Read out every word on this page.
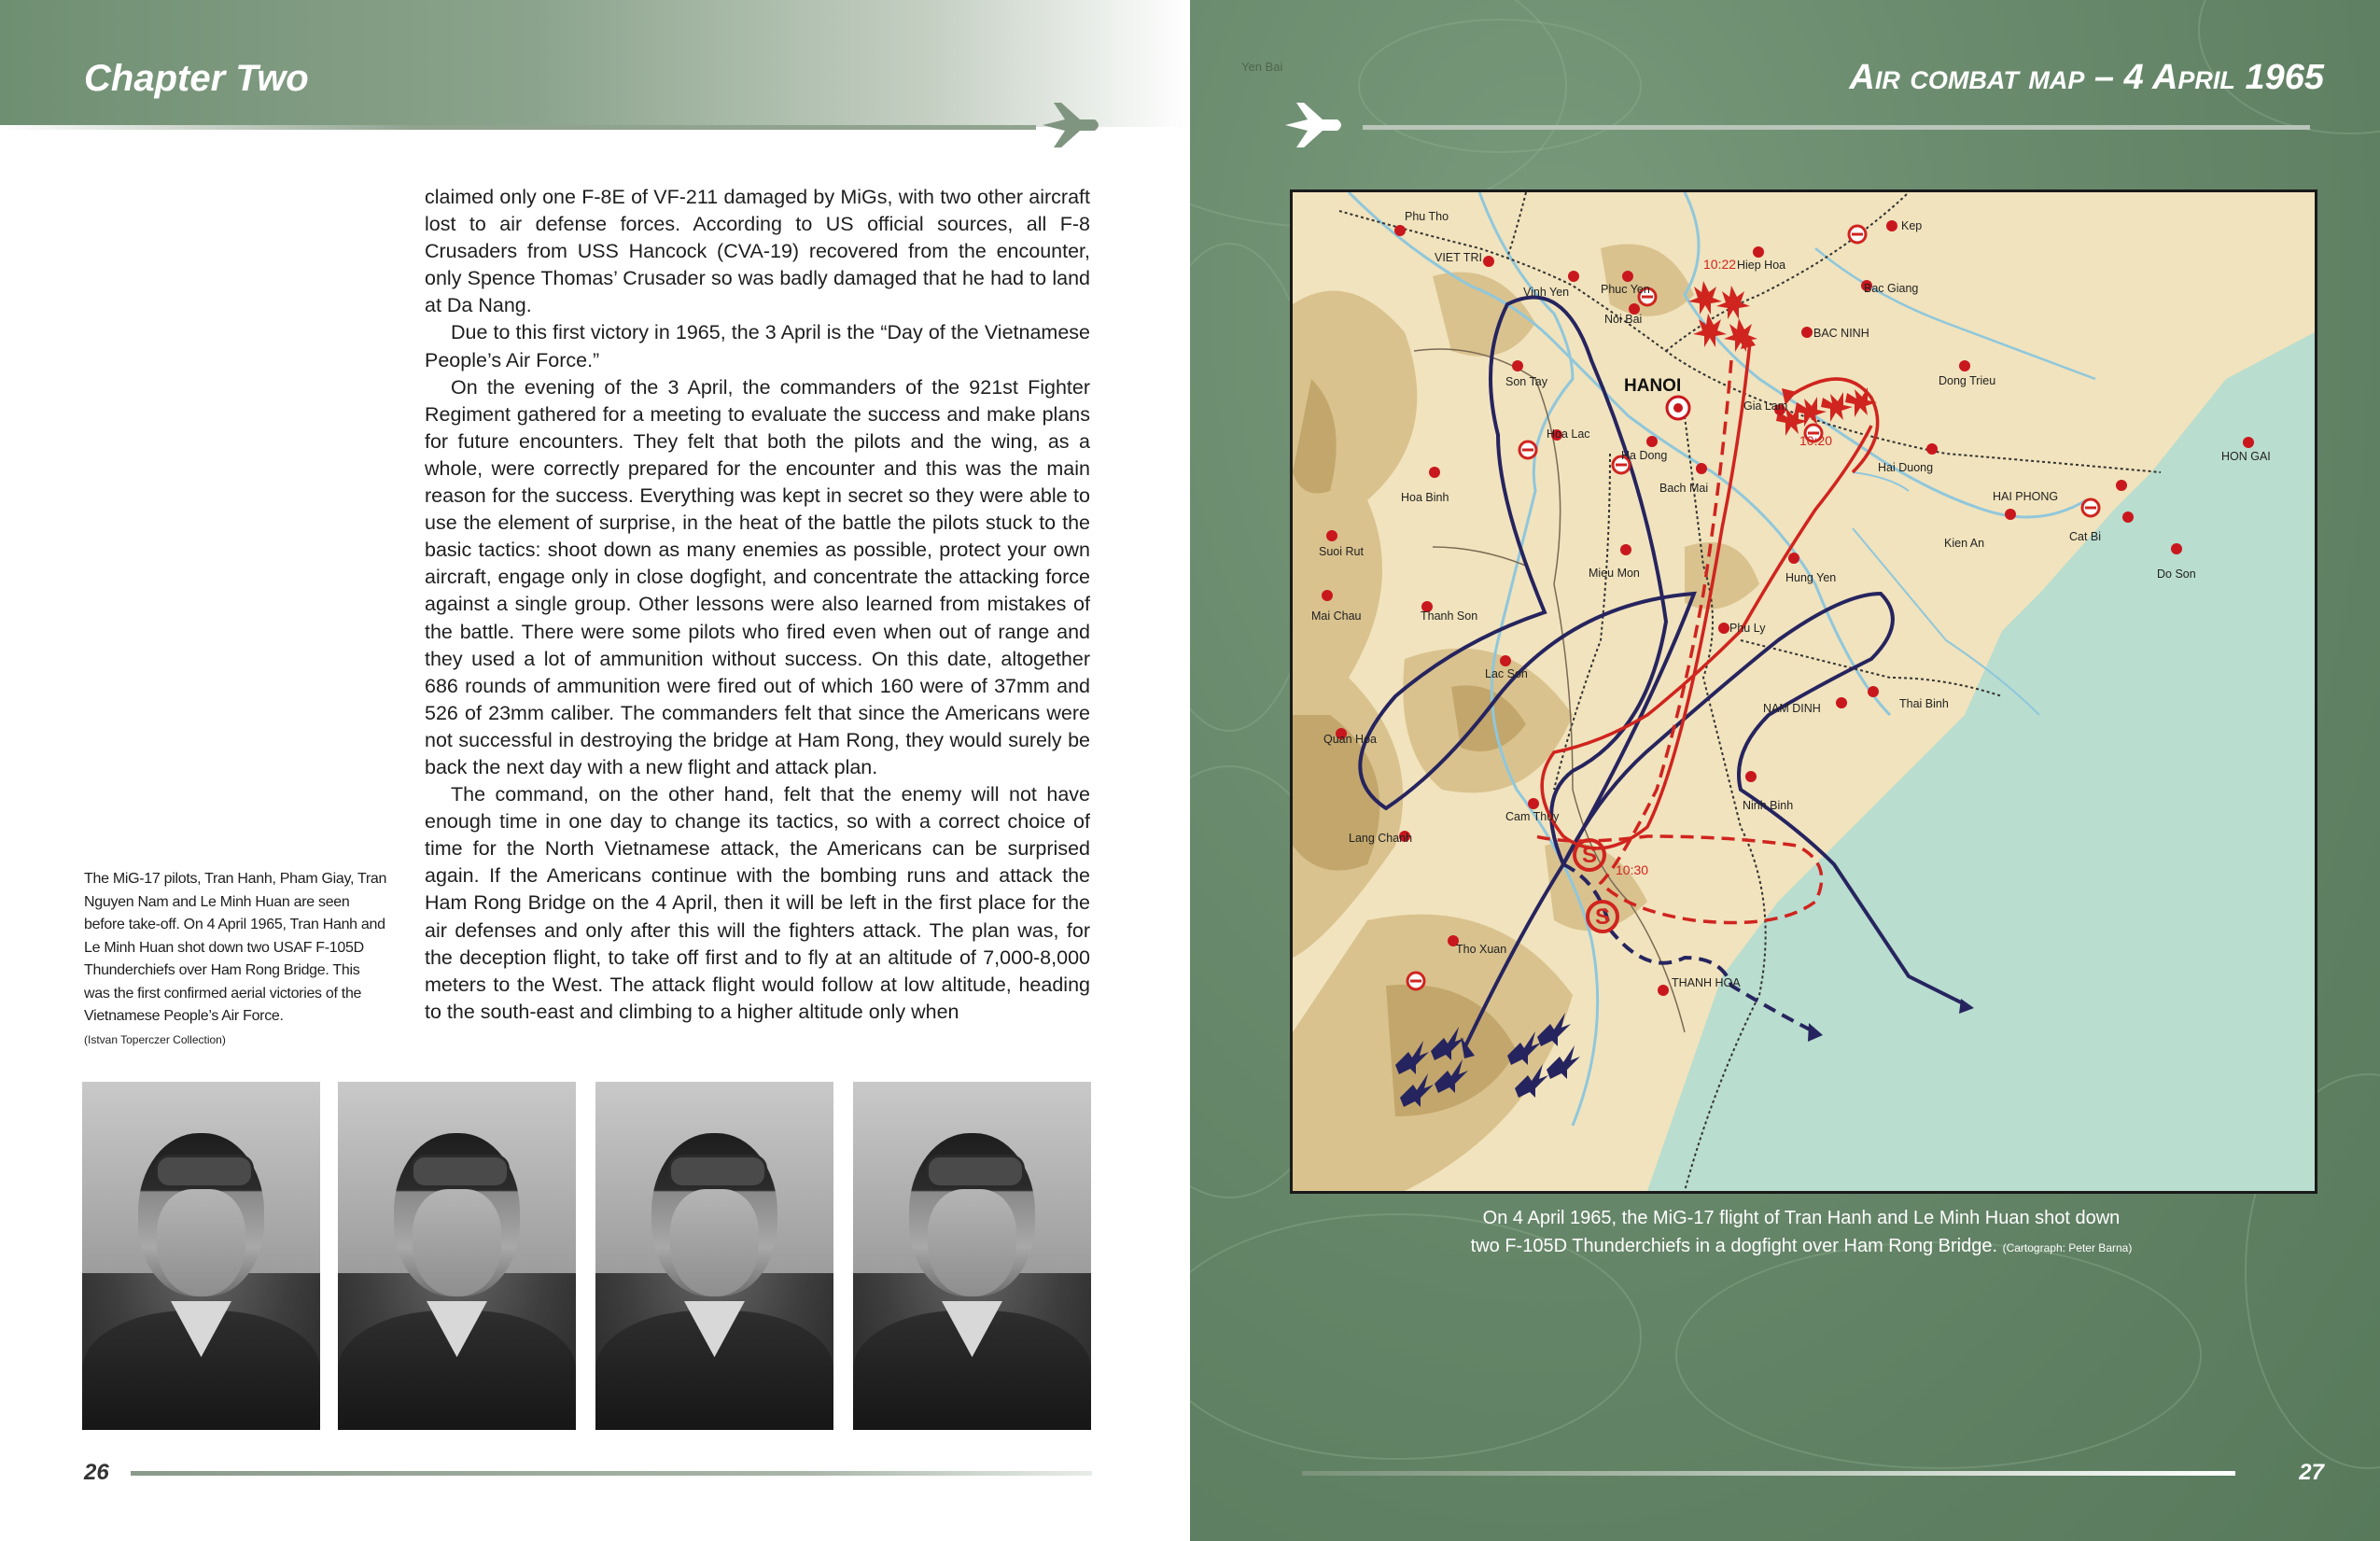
Chapter Two

claimed only one F-8E of VF-211 damaged by MiGs, with two other aircraft lost to air defense forces. According to US official sources, all F-8 Crusaders from USS Hancock (CVA-19) recovered from the encounter, only Spence Thomas’ Crusader so was badly damaged that he had to land at Da Nang.

Due to this first victory in 1965, the 3 April is the “Day of the Vietnamese People’s Air Force.”

On the evening of the 3 April, the commanders of the 921st Fighter Regiment gathered for a meeting to evaluate the success and make plans for future encounters. They felt that both the pilots and the wing, as a whole, were correctly prepared for the encounter and this was the main reason for the success. Everything was kept in secret so they were able to use the element of surprise, in the heat of the battle the pilots stuck to the basic tactics: shoot down as many enemies as possible, protect your own aircraft, engage only in close dogfight, and concentrate the attacking force against a single group. Other lessons were also learned from mistakes of the battle. There were some pilots who fired even when out of range and they used a lot of ammunition without success. On this date, altogether 686 rounds of ammunition were fired out of which 160 were of 37mm and 526 of 23mm caliber. The commanders felt that since the Americans were not successful in destroying the bridge at Ham Rong, they would surely be back the next day with a new flight and attack plan.

The command, on the other hand, felt that the enemy will not have enough time in one day to change its tactics, so with a correct choice of time for the North Vietnamese attack, the Americans can be surprised again. If the Americans continue with the bombing runs and attack the Ham Rong Bridge on the 4 April, then it will be left in the first place for the air defenses and only after this will the fighters attack. The plan was, for the deception flight, to take off first and to fly at an altitude of 7,000-8,000 meters to the West. The attack flight would follow at low altitude, heading to the south-east and climbing to a higher altitude only when

The MiG-17 pilots, Tran Hanh, Pham Giay, Tran Nguyen Nam and Le Minh Huan are seen before take-off. On 4 April 1965, Tran Hanh and Le Minh Huan shot down two USAF F-105D Thunderchiefs over Ham Rong Bridge. This was the first confirmed aerial victories of the Vietnamese People’s Air Force.
(Istvan Toperczer Collection)
26
Yen Bai	Air combat map – 4 April 1965
27
S
S
HANOI
10:22
10:20
10:30
Phu Tho
VIET TRI
Vinh Yen	Phuc Yen
Noi Bai
Kep
Hiep Hoa
Bac Giang
BAC NINH
Son Tay
Gia Lam
Dong Trieu
HON GAI
Hoa Lac
Ha Dong
Hai Duong
Bach Mai
Hoa Binh	HAI PHONG
Cat Bi
Kien An
Suoi Rut
Do Son
Mieu Mon	Hung Yen
Mai Chau	Thanh Son
Phu Ly
Lac Son
NAM DINH	Thai Binh
Quan Hoa
Ninh Binh
Cam Thuy
Lang Chanh
Tho Xuan
THANH HOA
On 4 April 1965, the MiG-17 flight of Tran Hanh and Le Minh Huan shot down
two F-105D Thunderchiefs in a dogfight over Ham Rong Bridge. (Cartograph: Peter Barna)
